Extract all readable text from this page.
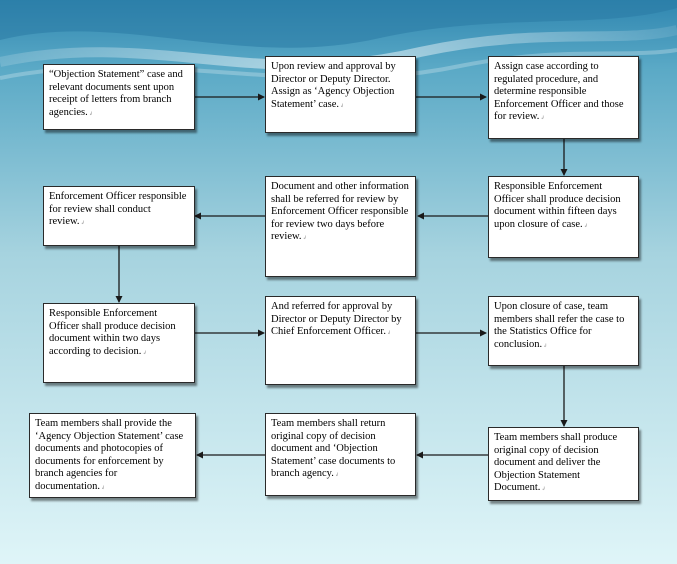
“Objection Statement” case and relevant documents sent upon receipt of letters from branch agencies.↲
Upon review and approval by Director or Deputy Director. Assign as ‘Agency Objection Statement’ case.↲
Assign case according to regulated procedure, and determine responsible Enforcement Officer and those for review.↲
Responsible Enforcement Officer shall produce decision document within fifteen days upon closure of case.↲
Document and other information shall be referred for review by Enforcement Officer responsible for review two days before review.↲
Enforcement Officer responsible for review shall conduct review.↲
Responsible Enforcement Officer shall produce decision document within two days according to decision.↲
And referred for approval by Director or Deputy Director by Chief Enforcement Officer.↲
Upon closure of case, team members shall refer the case to the Statistics Office for conclusion.↲
Team members shall produce original copy of decision document and deliver the Objection Statement Document.↲
Team members shall return original copy of decision document and ‘Objection Statement’ case documents to branch agency.↲
Team members shall provide the ‘Agency Objection Statement’ case documents and photocopies of documents for enforcement by branch agencies for documentation.↲
